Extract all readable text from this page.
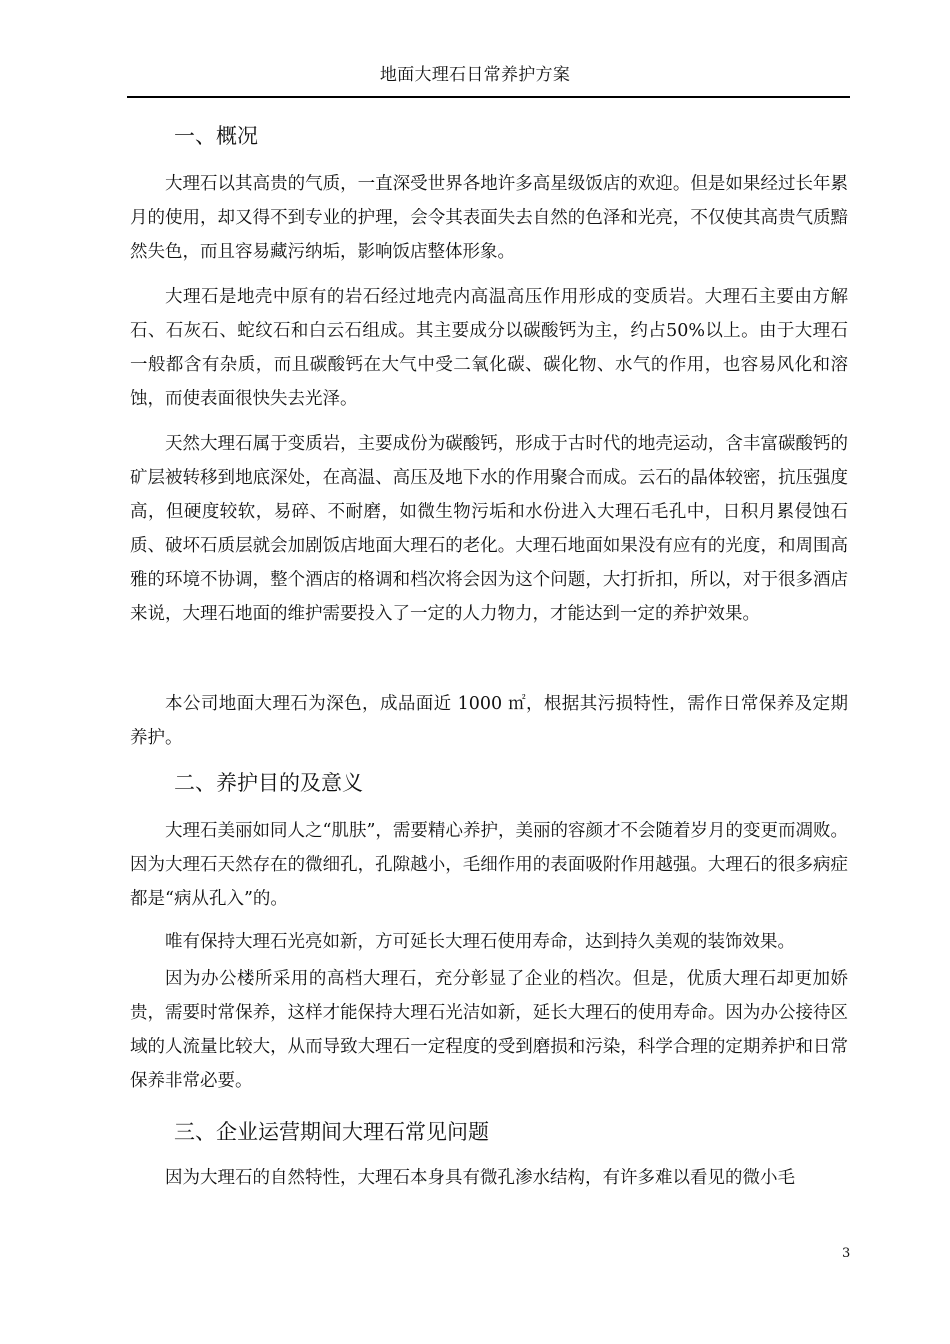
地面大理石日常养护方案
一、概况

大理石以其高贵的气质，一直深受世界各地许多高星级饭店的欢迎。但是如果经过长年累月的使用，却又得不到专业的护理，会令其表面失去自然的色泽和光亮，不仅使其高贵气质黯然失色，而且容易藏污纳垢，影响饭店整体形象。

大理石是地壳中原有的岩石经过地壳内高温高压作用形成的变质岩。大理石主要由方解石、石灰石、蛇纹石和白云石组成。其主要成分以碳酸钙为主，约占50%以上。由于大理石一般都含有杂质，而且碳酸钙在大气中受二氧化碳、碳化物、水气的作用，也容易风化和溶蚀，而使表面很快失去光泽。

天然大理石属于变质岩，主要成份为碳酸钙，形成于古时代的地壳运动，含丰富碳酸钙的矿层被转移到地底深处，在高温、高压及地下水的作用聚合而成。云石的晶体较密，抗压强度高，但硬度较软，易碎、不耐磨，如微生物污垢和水份进入大理石毛孔中，日积月累侵蚀石质、破坏石质层就会加剧饭店地面大理石的老化。大理石地面如果没有应有的光度，和周围高雅的环境不协调，整个酒店的格调和档次将会因为这个问题，大打折扣，所以，对于很多酒店来说，大理石地面的维护需要投入了一定的人力物力，才能达到一定的养护效果。

本公司地面大理石为深色，成品面近 1000 ㎡，根据其污损特性，需作日常保养及定期养护。

二、养护目的及意义

大理石美丽如同人之“肌肤”，需要精心养护，美丽的容颜才不会随着岁月的变更而凋败。因为大理石天然存在的微细孔，孔隙越小，毛细作用的表面吸附作用越强。大理石的很多病症都是“病从孔入”的。

唯有保持大理石光亮如新，方可延长大理石使用寿命，达到持久美观的装饰效果。

因为办公楼所采用的高档大理石，充分彰显了企业的档次。但是，优质大理石却更加娇贵，需要时常保养，这样才能保持大理石光洁如新，延长大理石的使用寿命。因为办公接待区域的人流量比较大，从而导致大理石一定程度的受到磨损和污染，科学合理的定期养护和日常保养非常必要。

三、企业运营期间大理石常见问题

因为大理石的自然特性，大理石本身具有微孔渗水结构，有许多难以看见的微小毛

3
